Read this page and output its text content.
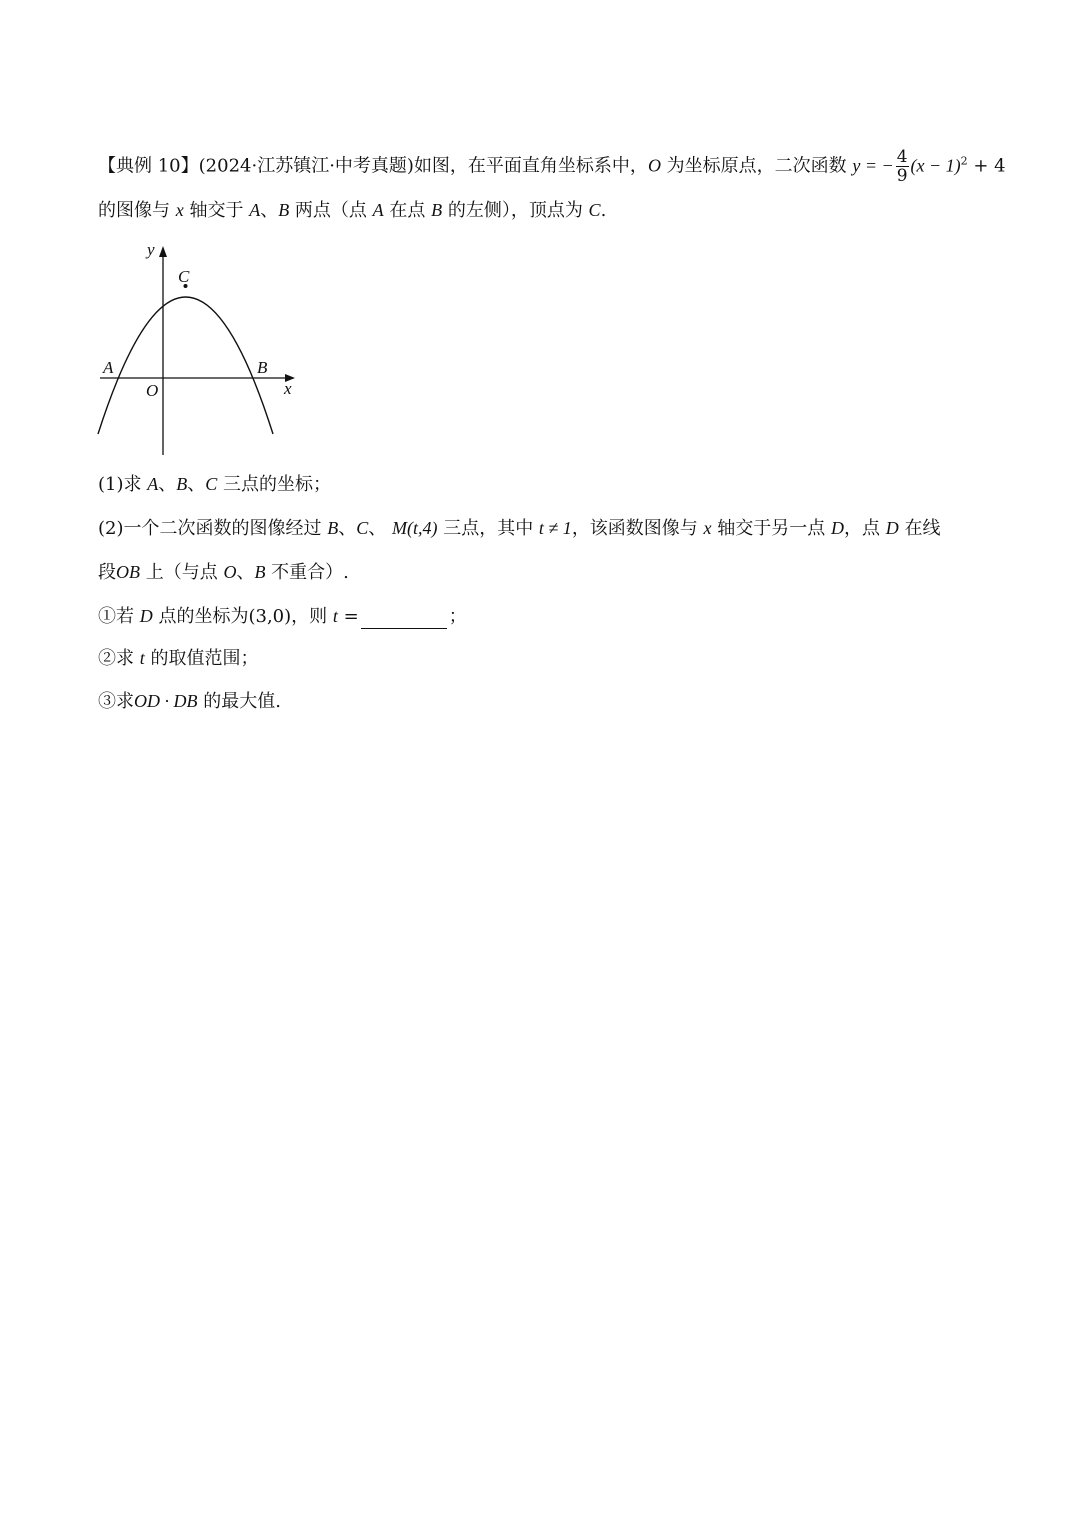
【典例 10】(2024·江苏镇江·中考真题)如图，在平面直角坐标系中，O 为坐标原点，二次函数 y = − $\frac{4}{9} (x - 1)^2 + 4$
的图像与 x 轴交于 A、B 两点（点 A 在点 B 的左侧），顶点为 C.
y
x
O
A	B
C
(1)求 A、B、C 三点的坐标；
(2)一个二次函数的图像经过 B、C、 M(t,4) 三点，其中 t ≠ 1，该函数图像与 x 轴交于另一点 D，点 D 在线
段OB 上（与点 O、B 不重合）.
①若 D 点的坐标为(3,0)，则 t =	；
②求 t 的取值范围；
③求OD · DB 的最大值.
